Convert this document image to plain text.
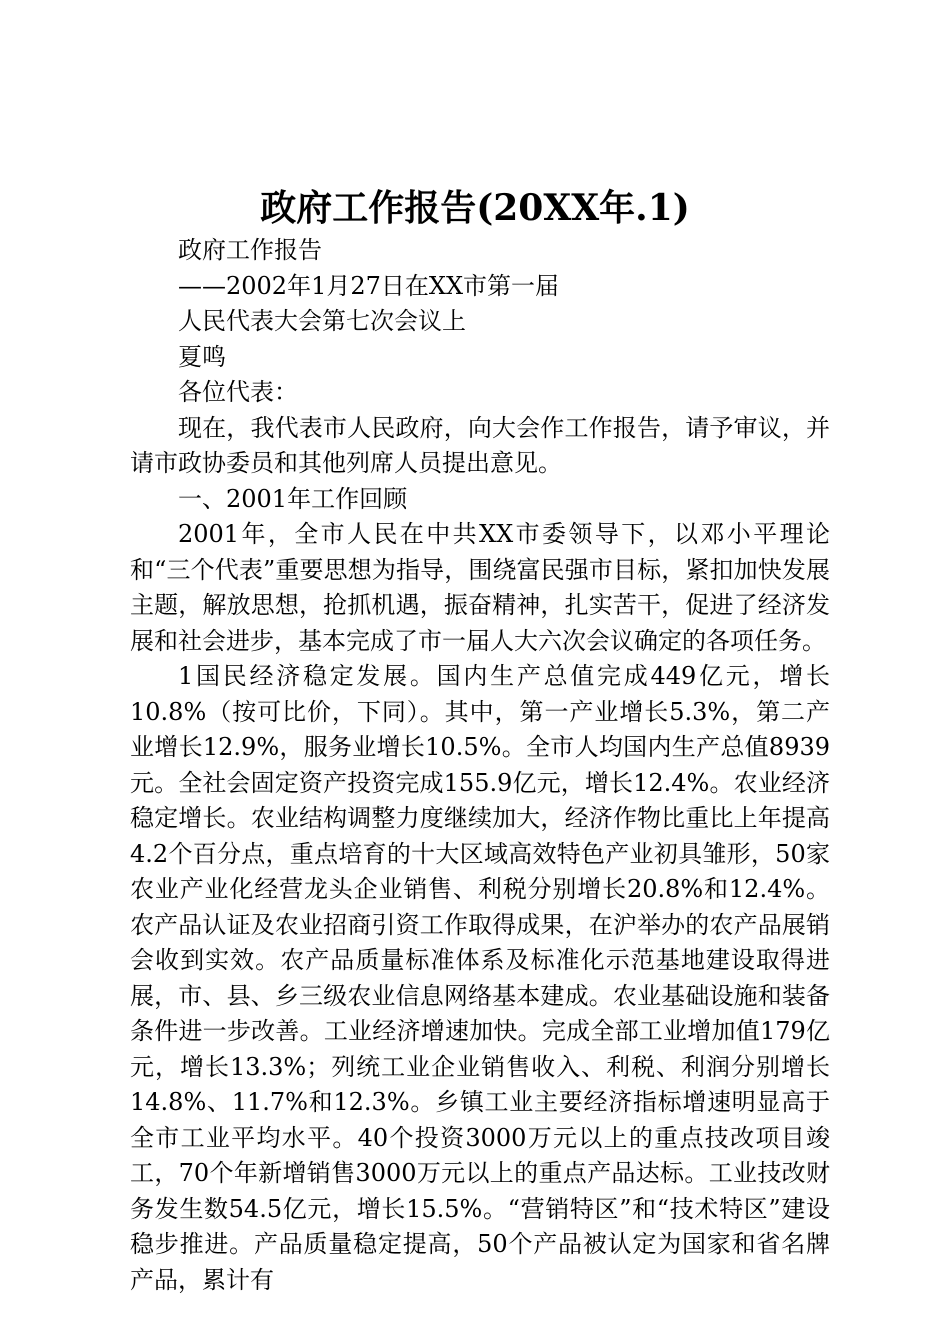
政府工作报告(20XX年.1)

政府工作报告

——2002年1月27日在XX市第一届

人民代表大会第七次会议上

夏鸣

各位代表：

现在，我代表市人民政府，向大会作工作报告，请予审议，并请市政协委员和其他列席人员提出意见。

一、2001年工作回顾

2001年，全市人民在中共XX市委领导下，以邓小平理论和“三个代表”重要思想为指导，围绕富民强市目标，紧扣加快发展主题，解放思想，抢抓机遇，振奋精神，扎实苦干，促进了经济发展和社会进步，基本完成了市一届人大六次会议确定的各项任务。

1国民经济稳定发展。国内生产总值完成449亿元，增长10.8%（按可比价，下同）。其中，第一产业增长5.3%，第二产业增长12.9%，服务业增长10.5%。全市人均国内生产总值8939元。全社会固定资产投资完成155.9亿元，增长12.4%。农业经济稳定增长。农业结构调整力度继续加大，经济作物比重比上年提高4.2个百分点，重点培育的十大区域高效特色产业初具雏形，50家农业产业化经营龙头企业销售、利税分别增长20.8%和12.4%。农产品认证及农业招商引资工作取得成果，在沪举办的农产品展销会收到实效。农产品质量标准体系及标准化示范基地建设取得进展，市、县、乡三级农业信息网络基本建成。农业基础设施和装备条件进一步改善。工业经济增速加快。完成全部工业增加值179亿元，增长13.3%；列统工业企业销售收入、利税、利润分别增长14.8%、11.7%和12.3%。乡镇工业主要经济指标增速明显高于全市工业平均水平。40个投资3000万元以上的重点技改项目竣工，70个年新增销售3000万元以上的重点产品达标。工业技改财务发生数54.5亿元，增长15.5%。“营销特区”和“技术特区”建设稳步推进。产品质量稳定提高，50个产品被认定为国家和省名牌产品，累计有
